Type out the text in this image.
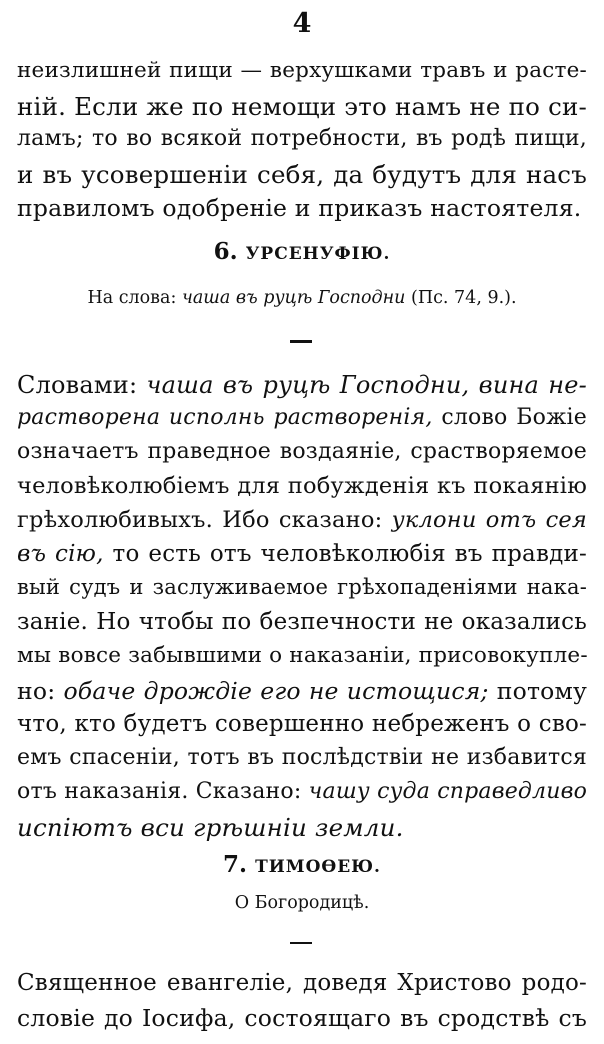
4
неизлишней пищи — верхушками травъ и расте-
ній. Если же по немощи это намъ не по си-
ламъ; то во всякой потребности, въ родѣ пищи,
и въ усовершеніи себя, да будутъ для насъ
правиломъ одобреніе и приказъ настоятеля.
6. УРСЕНУФІЮ.
На слова: чаша въ руцѣ Господни (Пс. 74, 9.).
Словами: чаша въ руцѣ Господни, вина не-
растворена исполнь растворенія, слово Божіе
означаетъ праведное воздаяніе, срастворяемое
человѣколюбіемъ для побужденія къ покаянію
грѣхолюбивыхъ. Ибо сказано: уклони отъ сея
въ сію, то есть отъ человѣколюбія въ правди-
вый судъ и заслуживаемое грѣхопаденіями нака-
заніе. Но чтобы по безпечности не оказались
мы вовсе забывшими о наказаніи, присовокупле-
но: обаче дрождіе его не истощися; потому
что, кто будетъ совершенно небреженъ о сво-
емъ спасеніи, тотъ въ послѣдствіи не избавится
отъ наказанія. Сказано: чашу суда справедливо
испіютъ вси грѣшніи земли.
7. ТИМОѲЕЮ.
О Богородицѣ.
Священное евангеліе, доведя Христово родо-
словіе до Іосифа, состоящаго въ сродствѣ съ
